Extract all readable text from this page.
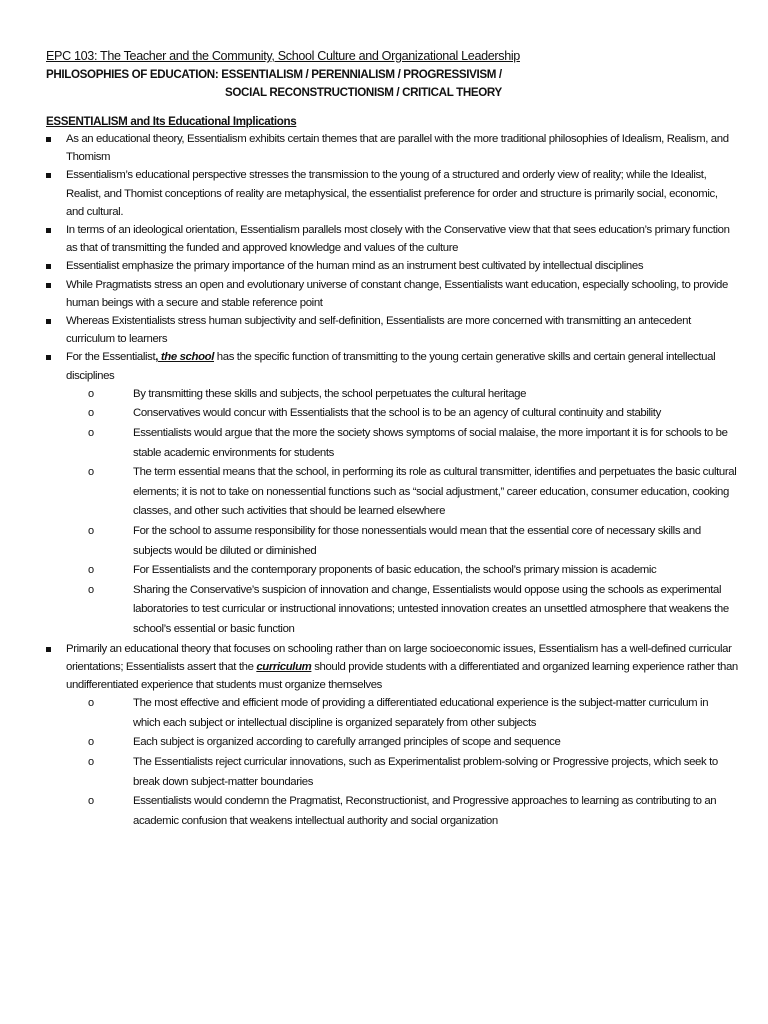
EPC 103: The Teacher and the Community, School Culture and Organizational Leadership

PHILOSOPHIES OF EDUCATION: ESSENTIALISM / PERENNIALISM / PROGRESSIVISM /
SOCIAL RECONSTRUCTIONISM / CRITICAL THEORY

ESSENTIALISM and Its Educational Implications

As an educational theory, Essentialism exhibits certain themes that are parallel with the more traditional philosophies of Idealism, Realism, and Thomism
Essentialism’s educational perspective stresses the transmission to the young of a structured and orderly view of reality; while the Idealist, Realist, and Thomist conceptions of reality are metaphysical, the essentialist preference for order and structure is primarily social, economic, and cultural.
In terms of an ideological orientation, Essentialism parallels most closely with the Conservative view that that sees education’s primary function as that of transmitting the funded and approved knowledge and values of the culture
Essentialist emphasize the primary importance of the human mind as an instrument best cultivated by intellectual disciplines
While Pragmatists stress an open and evolutionary universe of constant change, Essentialists want education, especially schooling, to provide human beings with a secure and stable reference point
Whereas Existentialists stress human subjectivity and self-definition, Essentialists are more concerned with transmitting an antecedent curriculum to learners
For the Essentialist, the school has the specific function of transmitting to the young certain generative skills and certain general intellectual disciplines
o	By transmitting these skills and subjects, the school perpetuates the cultural heritage
o	Conservatives would concur with Essentialists that the school is to be an agency of cultural continuity and stability
o	Essentialists would argue that the more the society shows symptoms of social malaise, the more important it is for schools to be stable academic environments for students
o	The term essential means that the school, in performing its role as cultural transmitter, identifies and perpetuates the basic cultural elements; it is not to take on nonessential functions such as “social adjustment,” career education, consumer education, cooking classes, and other such activities that should be learned elsewhere
o	For the school to assume responsibility for those nonessentials would mean that the essential core of necessary skills and subjects would be diluted or diminished
o	For Essentialists and the contemporary proponents of basic education, the school’s primary mission is academic
o	Sharing the Conservative’s suspicion of innovation and change, Essentialists would oppose using the schools as experimental laboratories to test curricular or instructional innovations; untested innovation creates an unsettled atmosphere that weakens the school’s essential or basic function
Primarily an educational theory that focuses on schooling rather than on large socioeconomic issues, Essentialism has a well-defined curricular orientations; Essentialists assert that the curriculum should provide students with a differentiated and organized learning experience rather than undifferentiated experience that students must organize themselves
o	The most effective and efficient mode of providing a differentiated educational experience is the subject-matter curriculum in which each subject or intellectual discipline is organized separately from other subjects
o	Each subject is organized according to carefully arranged principles of scope and sequence
o	The Essentialists reject curricular innovations, such as Experimentalist problem-solving or Progressive projects, which seek to break down subject-matter boundaries
o	Essentialists would condemn the Pragmatist, Reconstructionist, and Progressive approaches to learning as contributing to an academic confusion that weakens intellectual authority and social organization
